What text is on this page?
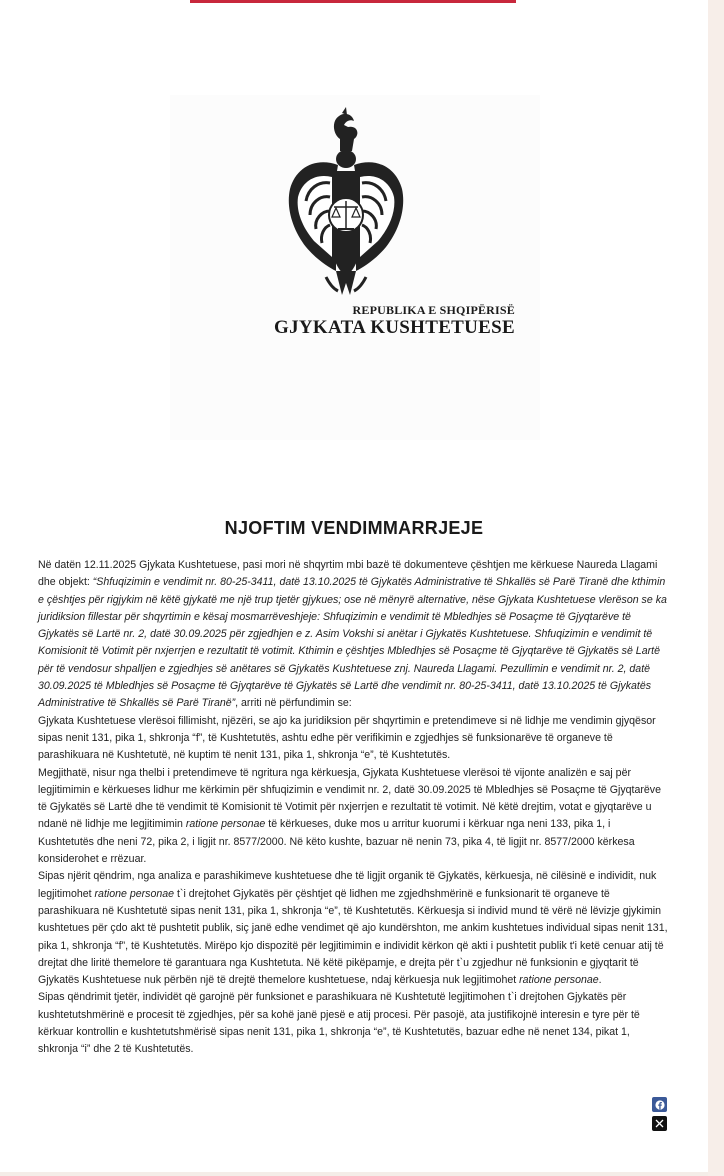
REPUBLIKA E SHQIPËRISË
GJYKATA KUSHTETUESE
NJOFTIM VENDIMMARRJEJE

Në datën 12.11.2025 Gjykata Kushtetuese, pasi mori në shqyrtim mbi bazë të dokumenteve çështjen me kërkuese Naureda Llagami dhe objekt: “Shfuqizimin e vendimit nr. 80-25-3411, datë 13.10.2025 të Gjykatës Administrative të Shkallës së Parë Tiranë dhe kthimin e çështjes për rigjykim në këtë gjykatë me një trup tjetër gjykues; ose në mënyrë alternative, nëse Gjykata Kushtetuese vlerëson se ka juridiksion fillestar për shqyrtimin e kësaj mosmarrëveshjeje: Shfuqizimin e vendimit të Mbledhjes së Posaçme të Gjyqtarëve të Gjykatës së Lartë nr. 2, datë 30.09.2025 për zgjedhjen e z. Asim Vokshi si anëtar i Gjykatës Kushtetuese. Shfuqizimin e vendimit të Komisionit të Votimit për nxjerrjen e rezultatit të votimit. Kthimin e çështjes Mbledhjes së Posaçme të Gjyqtarëve të Gjykatës së Lartë për të vendosur shpalljen e zgjedhjes së anëtares së Gjykatës Kushtetuese znj. Naureda Llagami. Pezullimin e vendimit nr. 2, datë 30.09.2025 të Mbledhjes së Posaçme të Gjyqtarëve të Gjykatës së Lartë dhe vendimit nr. 80-25-3411, datë 13.10.2025 të Gjykatës Administrative të Shkallës së Parë Tiranë”, arriti në përfundimin se:

Gjykata Kushtetuese vlerësoi fillimisht, njëzëri, se ajo ka juridiksion për shqyrtimin e pretendimeve si në lidhje me vendimin gjyqësor sipas nenit 131, pika 1, shkronja “f”, të Kushtetutës, ashtu edhe për verifikimin e zgjedhjes së funksionarëve të organeve të parashikuara në Kushtetutë, në kuptim të nenit 131, pika 1, shkronja “e”, të Kushtetutës.

Megjithatë, nisur nga thelbi i pretendimeve të ngritura nga kërkuesja, Gjykata Kushtetuese vlerësoi të vijonte analizën e saj për legjitimimin e kërkueses lidhur me kërkimin për shfuqizimin e vendimit nr. 2, datë 30.09.2025 të Mbledhjes së Posaçme të Gjyqtarëve të Gjykatës së Lartë dhe të vendimit të Komisionit të Votimit për nxjerrjen e rezultatit të votimit. Në këtë drejtim, votat e gjyqtarëve u ndanë në lidhje me legjitimimin ratione personae të kërkueses, duke mos u arritur kuorumi i kërkuar nga neni 133, pika 1, i Kushtetutës dhe neni 72, pika 2, i ligjit nr. 8577/2000. Në këto kushte, bazuar në nenin 73, pika 4, të ligjit nr. 8577/2000 kërkesa konsiderohet e rrëzuar.

Sipas njërit qëndrim, nga analiza e parashikimeve kushtetuese dhe të ligjit organik të Gjykatës, kërkuesja, në cilësinë e individit, nuk legjitimohet ratione personae t`i drejtohet Gjykatës për çështjet që lidhen me zgjedhshmërinë e funksionarit të organeve të parashikuara në Kushtetutë sipas nenit 131, pika 1, shkronja “e”, të Kushtetutës. Kërkuesja si individ mund të vërë në lëvizje gjykimin kushtetues për çdo akt të pushtetit publik, siç janë edhe vendimet që ajo kundërshton, me ankim kushtetues individual sipas nenit 131, pika 1, shkronja “f”, të Kushtetutës. Mirëpo kjo dispozitë për legjitimimin e individit kërkon që akti i pushtetit publik t'i ketë cenuar atij të drejtat dhe liritë themelore të garantuara nga Kushtetuta. Në këtë pikëpamje, e drejta për t`u zgjedhur në funksionin e gjyqtarit të Gjykatës Kushtetuese nuk përbën një të drejtë themelore kushtetuese, ndaj kërkuesja nuk legjitimohet ratione personae.

Sipas qëndrimit tjetër, individët që garojnë për funksionet e parashikuara në Kushtetutë legjitimohen t`i drejtohen Gjykatës për kushtetutshmërinë e procesit të zgjedhjes, për sa kohë janë pjesë e atij procesi. Për pasojë, ata justifikojnë interesin e tyre për të kërkuar kontrollin e kushtetutshmërisë sipas nenit 131, pika 1, shkronja “e”, të Kushtetutës, bazuar edhe në nenet 134, pikat 1, shkronja “i” dhe 2 të Kushtetutës.
